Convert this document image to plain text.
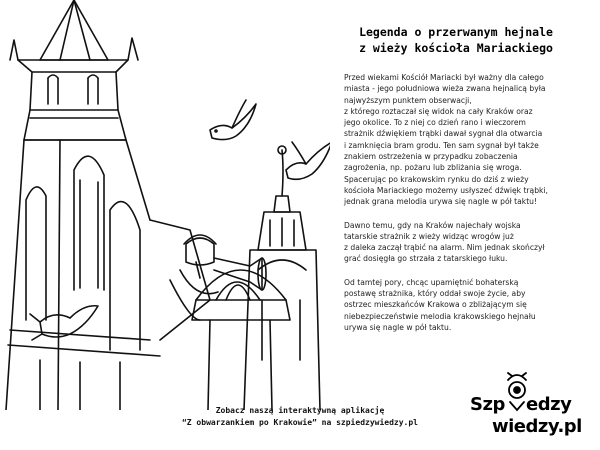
Legenda o przerwanym hejnale
z wieży kościoła Mariackiego

Przed wiekami Kościół Mariacki był ważny dla całego
miasta - jego południowa wieża zwana hejnalicą była
najwyższym punktem obserwacji,
z którego roztaczał się widok na cały Kraków oraz
jego okolice. To z niej co dzień rano i wieczorem
strażnik dźwiękiem trąbki dawał sygnał dla otwarcia
i zamknięcia bram grodu. Ten sam sygnał był także
znakiem ostrzeżenia w przypadku zobaczenia
zagrożenia, np. pożaru lub zbliżania się wroga.
Spacerując po krakowskim rynku do dziś z wieży
kościoła Mariackiego możemy usłyszeć dźwięk trąbki,
jednak grana melodia urywa się nagle w pół taktu!

Dawno temu, gdy na Kraków najechały wojska
tatarskie strażnik z wieży widząc wrogów już
z daleka zaczął trąbić na alarm. Nim jednak skończył
grać dosięgła go strzała z tatarskiego łuku.

Od tamtej pory, chcąc upamiętnić bohaterską
postawę strażnika, który oddał swoje życie, aby
ostrzec mieszkańców Krakowa o zbliżającym się
niebezpieczeństwie melodia krakowskiego hejnału
urywa się nagle w pół taktu.

Zobacz naszą interaktywną aplikację
“Z obwarzankiem po Krakowie” na szpiedzywiedzy.pl
Szp edzy
wiedzy.pl
